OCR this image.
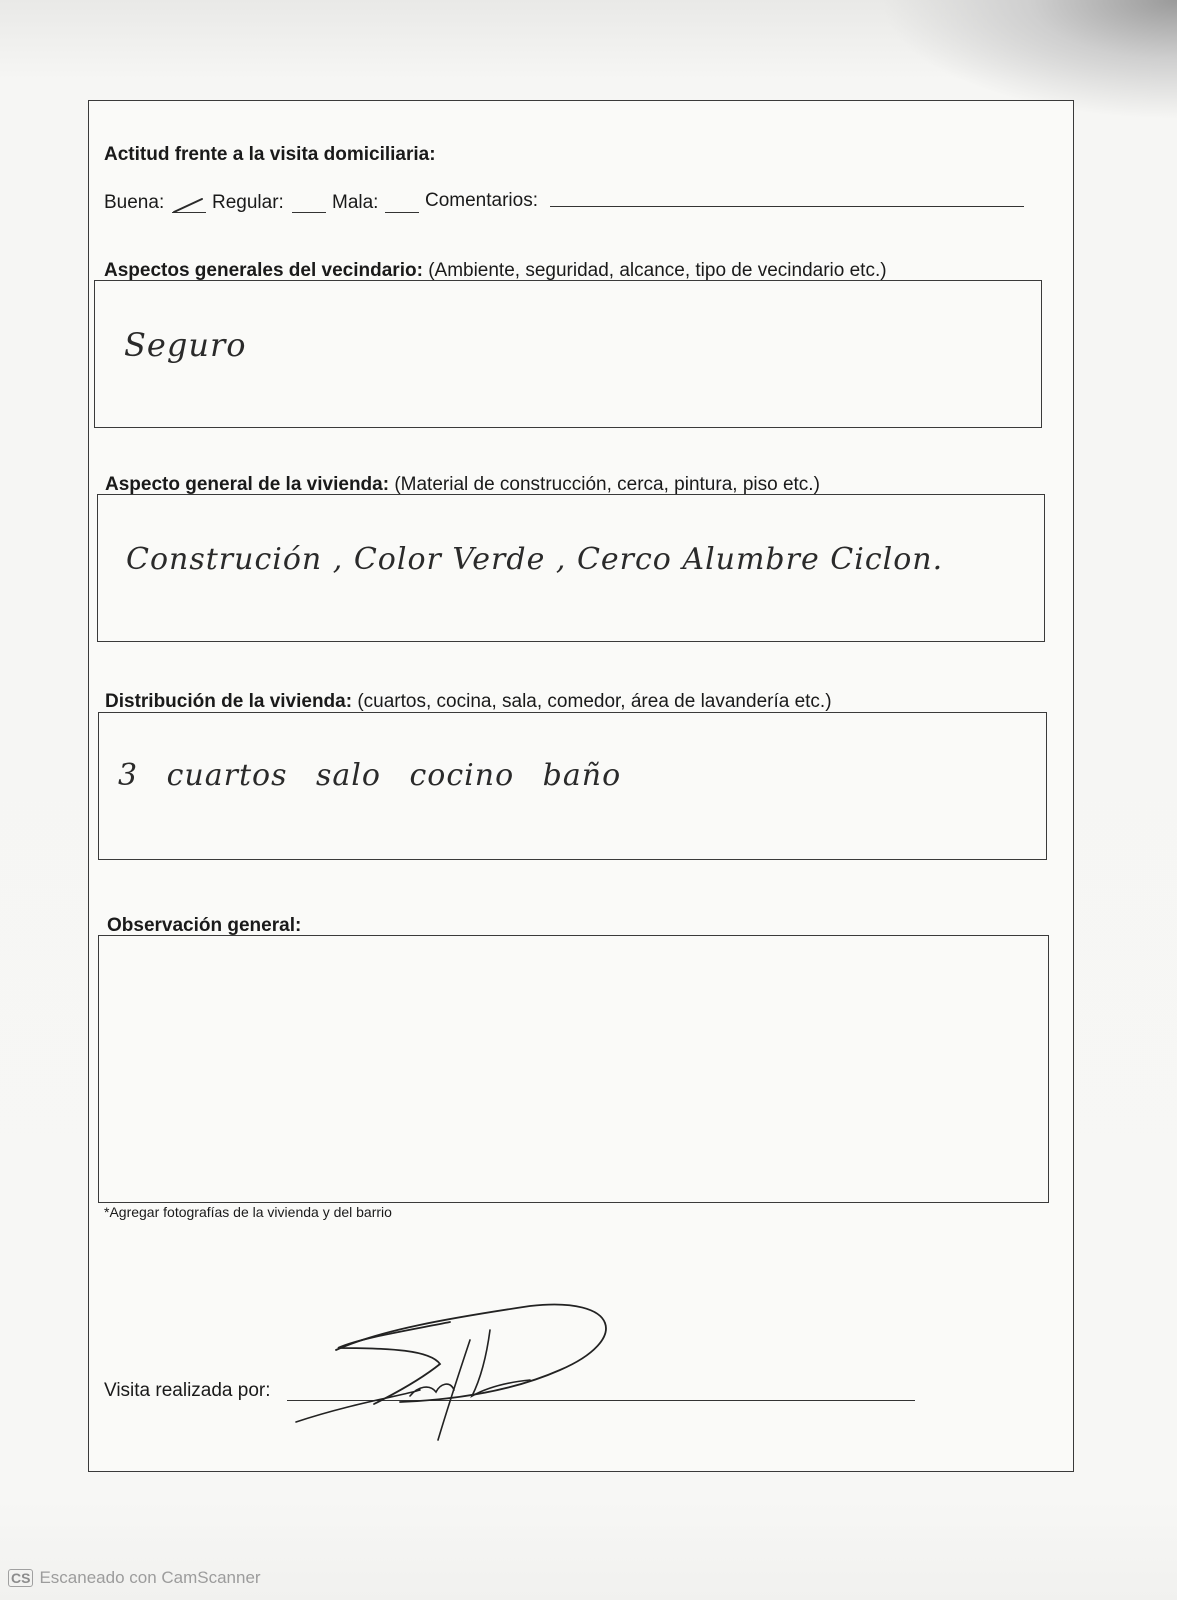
Actitud frente a la visita domiciliaria:
Buena:	Regular:	Mala: Comentarios:
Aspectos generales del vecindario: (Ambiente, seguridad, alcance, tipo de vecindario etc.)
Seguro
Aspecto general de la vivienda: (Material de construcción, cerca, pintura, piso etc.)
Construción , Color Verde , Cerco Alumbre Ciclon.
Distribución de la vivienda: (cuartos, cocina, sala, comedor, área de lavandería etc.)
3 cuartos salo cocino baño
Observación general:
*Agregar fotografías de la vivienda y del barrio
Visita realizada por:
CS Escaneado con CamScanner
